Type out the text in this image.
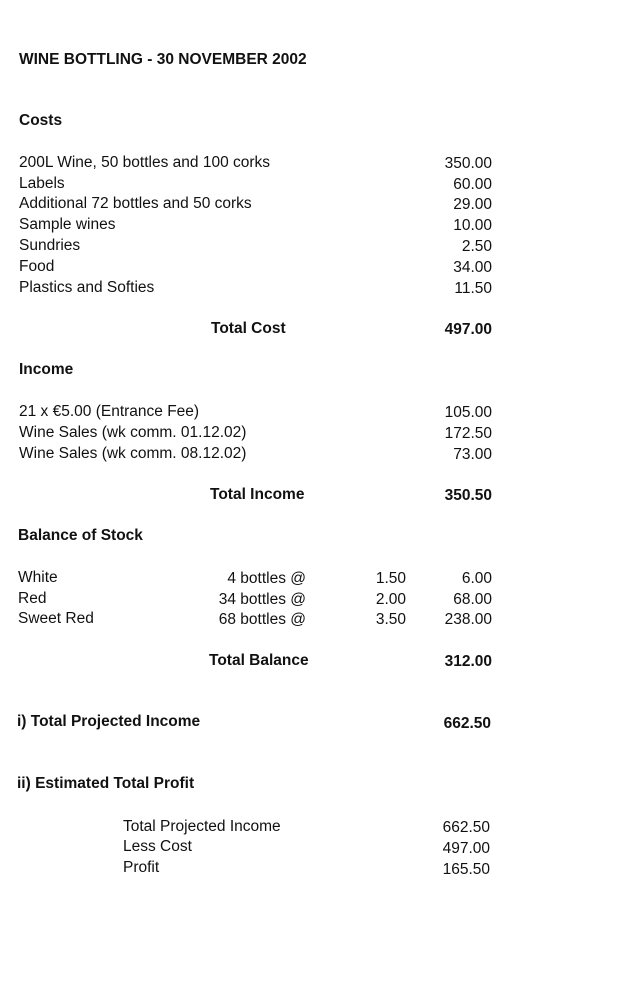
WINE BOTTLING - 30 NOVEMBER 2002
Costs
200L Wine, 50 bottles and 100 corks	350.00
Labels	60.00
Additional 72 bottles and 50 corks	29.00
Sample wines	10.00
Sundries	2.50
Food	34.00
Plastics and Softies	11.50
Total Cost	497.00
Income
21 x €5.00 (Entrance Fee)	105.00
Wine Sales (wk comm. 01.12.02)	172.50
Wine Sales (wk comm. 08.12.02)	73.00
Total Income	350.50
Balance of Stock
White	4 bottles @	1.50	6.00
Red	34 bottles @	2.00	68.00
Sweet Red	68 bottles @	3.50	238.00
Total Balance	312.00
i) Total Projected Income	662.50
ii) Estimated Total Profit
Total Projected Income	662.50
Less Cost	497.00
Profit	165.50
